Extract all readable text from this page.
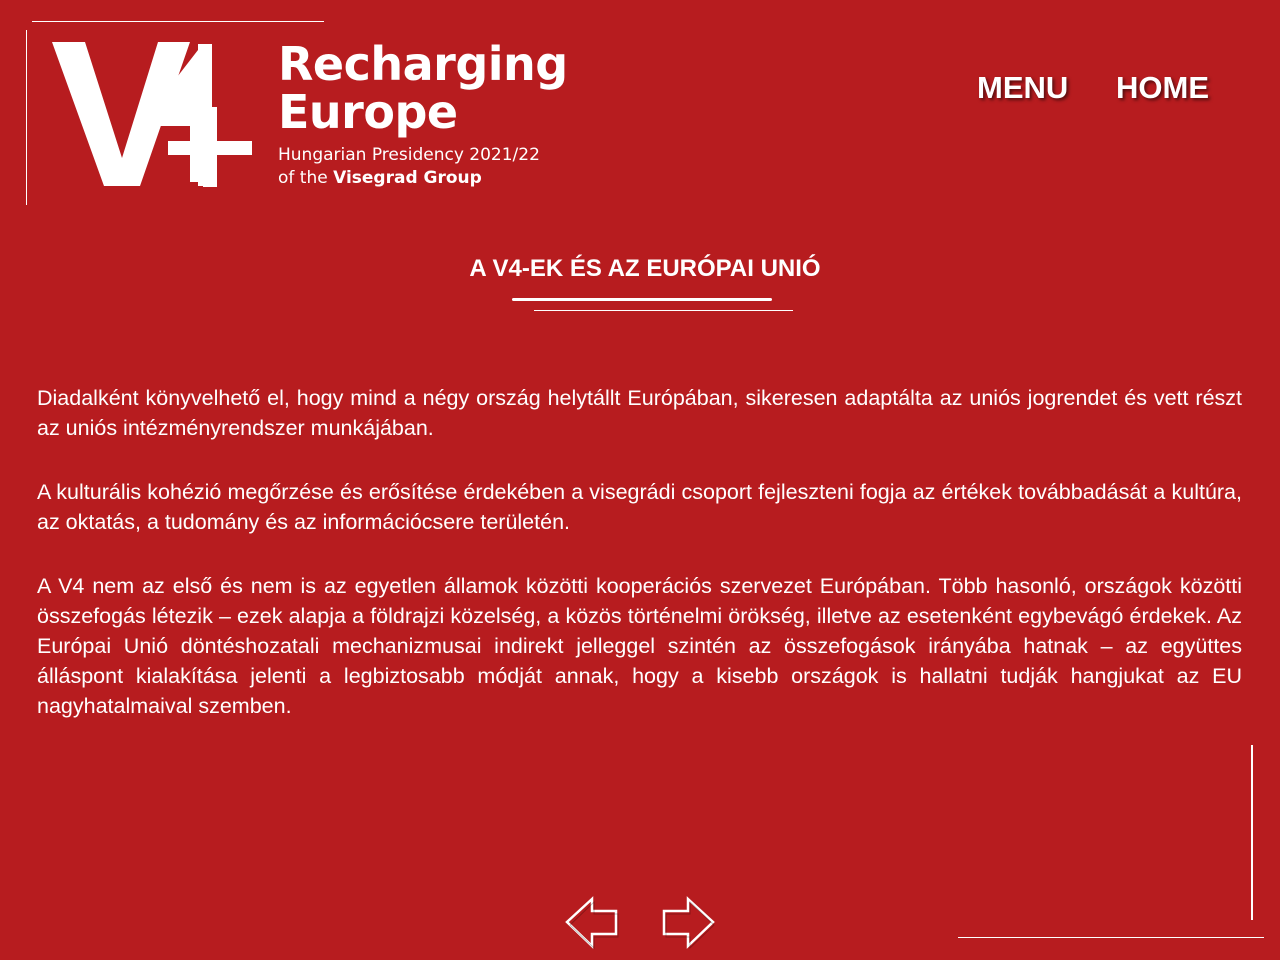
Recharging
Europe
Hungarian Presidency 2021/22
of the Visegrad Group
MENU HOME
A V4-EK ÉS AZ EURÓPAI UNIÓ

Diadalként könyvelhető el, hogy mind a négy ország helytállt Európában, sikeresen adaptálta az uniós jogrendet és vett részt az uniós intézményrendszer munkájában.

A kulturális kohézió megőrzése és erősítése érdekében a visegrádi csoport fejleszteni fogja az értékek továbbadását a kultúra, az oktatás, a tudomány és az információcsere területén.

A V4 nem az első és nem is az egyetlen államok közötti kooperációs szervezet Európában. Több hasonló, országok közötti összefogás létezik – ezek alapja a földrajzi közelség, a közös történelmi örökség, illetve az esetenként egybevágó érdekek. Az Európai Unió döntéshozatali mechanizmusai indirekt jelleggel szintén az összefogások irányába hatnak – az együttes álláspont kialakítása jelenti a legbiztosabb módját annak, hogy a kisebb országok is hallatni tudják hangjukat az EU nagyhatalmaival szemben.
